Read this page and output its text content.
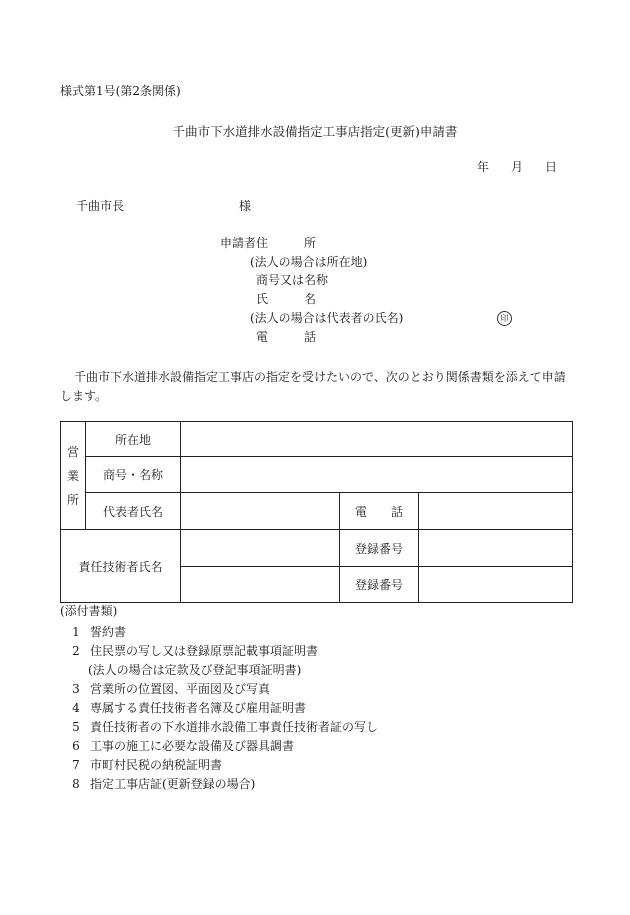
様式第1号(第2条関係)
千曲市下水道排水設備指定工事店指定(更新)申請書
年 月 日
千曲市長	様
申請者住　　　所
(法人の場合は所在地)
商号又は名称
氏　　　名
(法人の場合は代表者の氏名)	印
電　　　話
千曲市下水道排水設備指定工事店の指定を受けたいので、次のとおり関係書類を添えて申請します。
営
業
所	所在地			
	商号・名称			
	代表者氏名		電　　話	
責任技術者氏名			登録番号	
			登録番号	
(添付書類)
1 誓約書
2 住民票の写し又は登録原票記載事項証明書
(法人の場合は定款及び登記事項証明書)
3 営業所の位置図、平面図及び写真
4 専属する責任技術者名簿及び雇用証明書
5 責任技術者の下水道排水設備工事責任技術者証の写し
6 工事の施工に必要な設備及び器具調書
7 市町村民税の納税証明書
8 指定工事店証(更新登録の場合)
